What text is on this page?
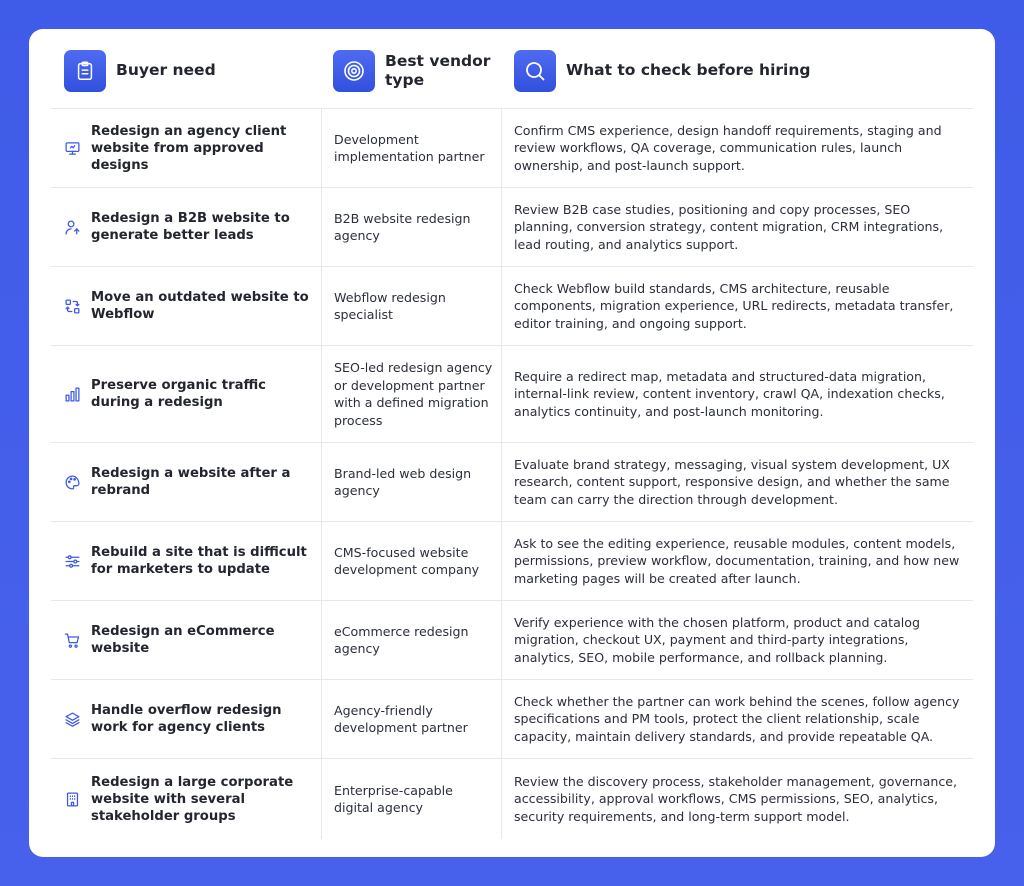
Buyer need
Best vendor type
What to check before hiring
Redesign an agency client website from approved designs
Development implementation partner
Confirm CMS experience, design handoff requirements, staging and review workflows, QA coverage, communication rules, launch ownership, and post-launch support.
Redesign a B2B website to generate better leads
B2B website redesign agency
Review B2B case studies, positioning and copy processes, SEO planning, conversion strategy, content migration, CRM integrations, lead routing, and analytics support.
Move an outdated website to Webflow
Webflow redesign specialist
Check Webflow build standards, CMS architecture, reusable components, migration experience, URL redirects, metadata transfer, editor training, and ongoing support.
Preserve organic traffic during a redesign
SEO-led redesign agency or development partner with a defined migration process
Require a redirect map, metadata and structured-data migration, internal-link review, content inventory, crawl QA, indexation checks, analytics continuity, and post-launch monitoring.
Redesign a website after a rebrand
Brand-led web design agency
Evaluate brand strategy, messaging, visual system development, UX research, content support, responsive design, and whether the same team can carry the direction through development.
Rebuild a site that is difficult for marketers to update
CMS-focused website development company
Ask to see the editing experience, reusable modules, content models, permissions, preview workflow, documentation, training, and how new marketing pages will be created after launch.
Redesign an eCommerce website
eCommerce redesign agency
Verify experience with the chosen platform, product and catalog migration, checkout UX, payment and third-party integrations, analytics, SEO, mobile performance, and rollback planning.
Handle overflow redesign work for agency clients
Agency-friendly development partner
Check whether the partner can work behind the scenes, follow agency specifications and PM tools, protect the client relationship, scale capacity, maintain delivery standards, and provide repeatable QA.
Redesign a large corporate website with several stakeholder groups
Enterprise-capable digital agency
Review the discovery process, stakeholder management, governance, accessibility, approval workflows, CMS permissions, SEO, analytics, security requirements, and long-term support model.
